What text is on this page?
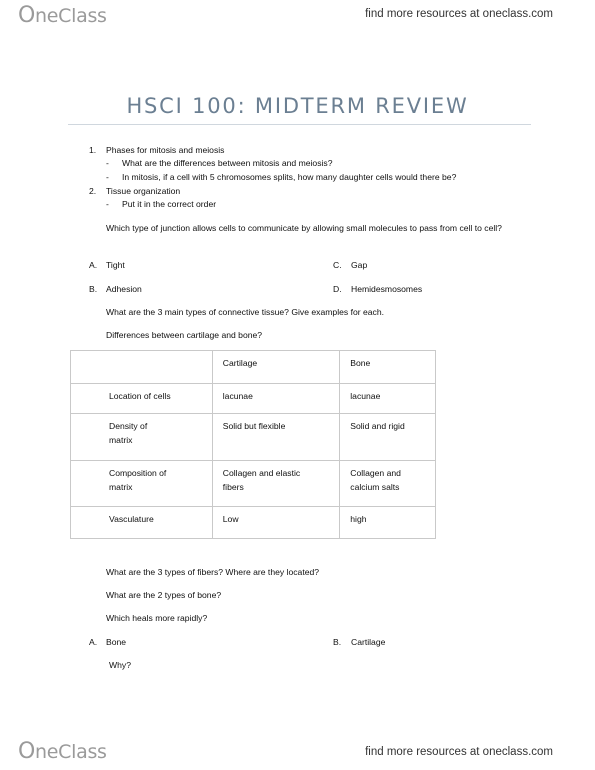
OneClass	find more resources at oneclass.com
HSCI 100: MIDTERM REVIEW
1. Phases for mitosis and meiosis
- What are the differences between mitosis and meiosis?
- In mitosis, if a cell with 5 chromosomes splits, how many daughter cells would there be?
2. Tissue organization
- Put it in the correct order
Which type of junction allows cells to communicate by allowing small molecules to pass from cell to cell?
A. Tight	C. Gap
B. Adhesion	D. Hemidesmosomes
What are the 3 main types of connective tissue? Give examples for each.
Differences between cartilage and bone?
	Cartilage	Bone
Location of cells	lacunae	lacunae
Density of matrix	Solid but flexible	Solid and rigid
Composition of matrix	Collagen and elastic fibers	Collagen and calcium salts
Vasculature	Low	high
What are the 3 types of fibers? Where are they located?
What are the 2 types of bone?
Which heals more rapidly?
A. Bone	B. Cartilage
Why?
OneClass	find more resources at oneclass.com
